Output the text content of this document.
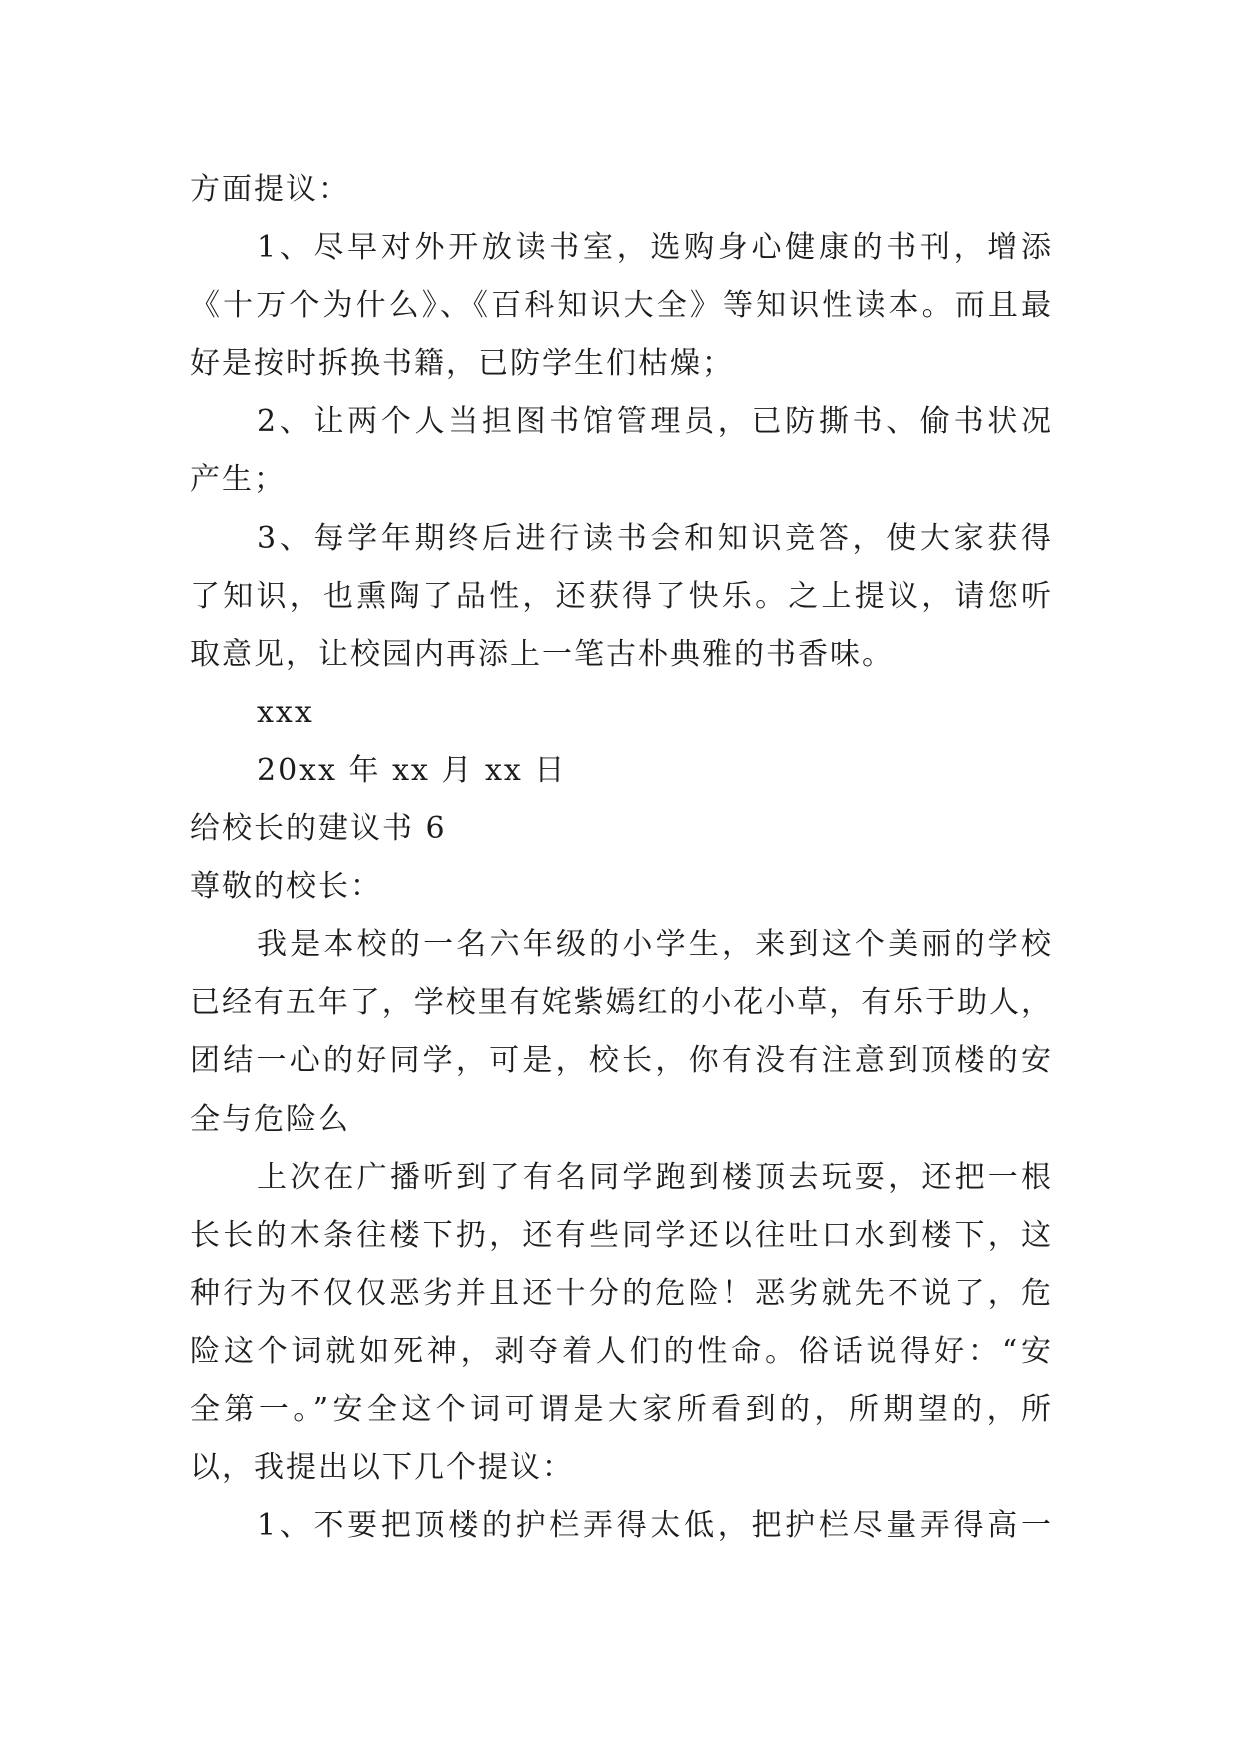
方面提议：
1、尽早对外开放读书室，选购身心健康的书刊，增添
《十万个为什么》、《百科知识大全》等知识性读本。而且最
好是按时拆换书籍，已防学生们枯燥；
2、让两个人当担图书馆管理员，已防撕书、偷书状况
产生；
3、每学年期终后进行读书会和知识竞答，使大家获得
了知识，也熏陶了品性，还获得了快乐。之上提议，请您听
取意见，让校园内再添上一笔古朴典雅的书香味。
xxx
20xx 年 xx 月 xx 日
给校长的建议书 6
尊敬的校长：
我是本校的一名六年级的小学生，来到这个美丽的学校
已经有五年了，学校里有姹紫嫣红的小花小草，有乐于助人，
团结一心的好同学，可是，校长，你有没有注意到顶楼的安
全与危险么
上次在广播听到了有名同学跑到楼顶去玩耍，还把一根
长长的木条往楼下扔，还有些同学还以往吐口水到楼下，这
种行为不仅仅恶劣并且还十分的危险！恶劣就先不说了，危
险这个词就如死神，剥夺着人们的性命。俗话说得好：“安
全第一。”安全这个词可谓是大家所看到的，所期望的，所
以，我提出以下几个提议：
1、不要把顶楼的护栏弄得太低，把护栏尽量弄得高一
